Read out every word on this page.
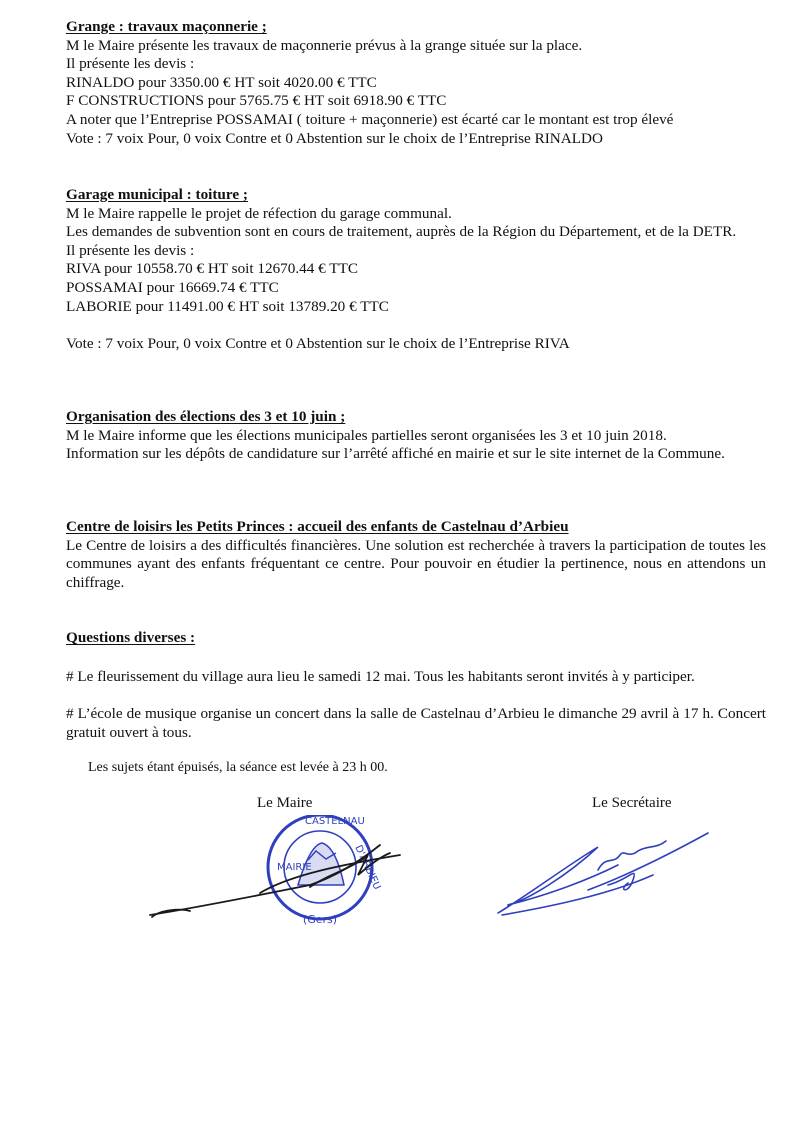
Grange : travaux maçonnerie ;
M le Maire présente les travaux de maçonnerie prévus à la grange située sur la place.
Il présente les devis :
RINALDO pour 3350.00 € HT soit 4020.00 € TTC
F CONSTRUCTIONS pour 5765.75 € HT soit 6918.90 € TTC
A noter que l’Entreprise POSSAMAI ( toiture + maçonnerie) est écarté car le montant est trop élevé
Vote : 7 voix Pour, 0 voix Contre et 0 Abstention sur le choix de l’Entreprise RINALDO
Garage municipal : toiture ;
M le Maire rappelle le projet de réfection du garage communal.
Les demandes de subvention sont en cours de traitement, auprès de la Région du Département, et de la DETR.
Il présente les devis :
RIVA pour 10558.70 € HT soit 12670.44 € TTC
POSSAMAI pour 16669.74 € TTC
LABORIE pour 11491.00 € HT soit 13789.20 € TTC
Vote : 7 voix Pour, 0 voix Contre et 0 Abstention sur le choix de l’Entreprise RIVA
Organisation des élections des 3 et 10 juin ;
M le Maire informe que les élections municipales partielles seront organisées les 3 et 10 juin 2018.
Information sur les dépôts de candidature sur l’arrêté affiché en mairie et sur le site internet de la Commune.
Centre de loisirs les Petits Princes : accueil des enfants de Castelnau d’Arbieu
Le Centre de loisirs a des difficultés financières. Une solution est recherchée à travers la participation de toutes les communes ayant des enfants fréquentant ce centre. Pour pouvoir en étudier la pertinence, nous en attendons un chiffrage.
Questions diverses :
# Le fleurissement du village aura lieu le samedi 12 mai. Tous les habitants seront invités à y participer.
# L’école de musique organise un concert dans la salle de Castelnau d’Arbieu le dimanche 29 avril à 17 h. Concert gratuit ouvert à tous.
Les sujets étant épuisés, la séance est levée à 23 h 00.
Le Maire	Le Secrétaire
(Gers)
MAIRIE
CASTELNAU
D'ARBIEU
